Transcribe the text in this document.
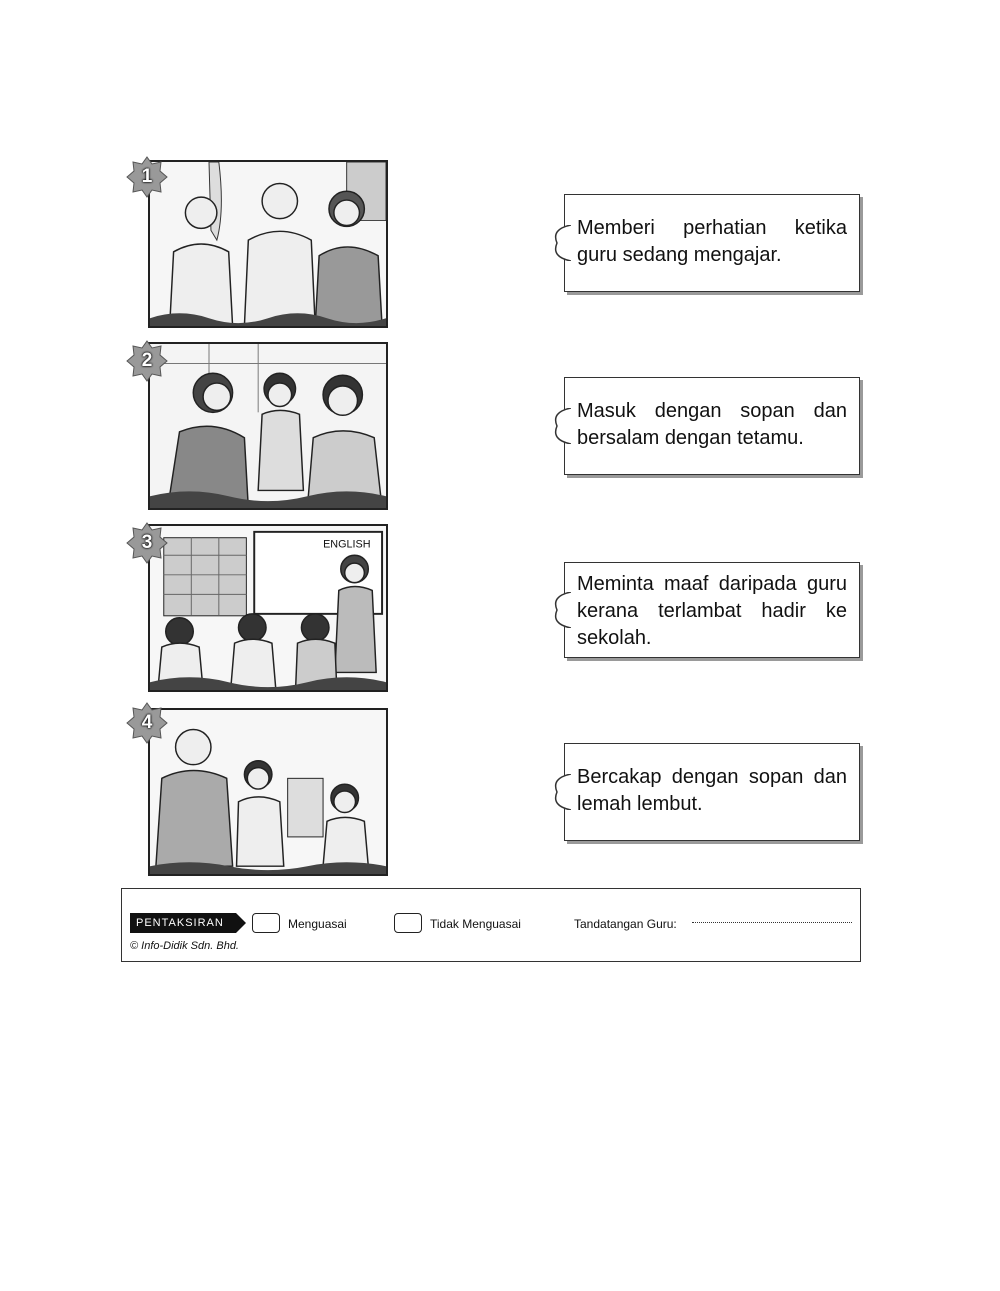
1
Memberi perhatian ketika guru sedang mengajar.
2
Masuk dengan sopan dan bersalam dengan tetamu.
ENGLISH
3
Meminta maaf daripada guru kerana terlambat hadir ke sekolah.
4
Bercakap dengan sopan dan lemah lembut.
PENTAKSIRAN	Menguasai	Tidak Menguasai	Tandatangan Guru:
© Info-Didik Sdn. Bhd.
